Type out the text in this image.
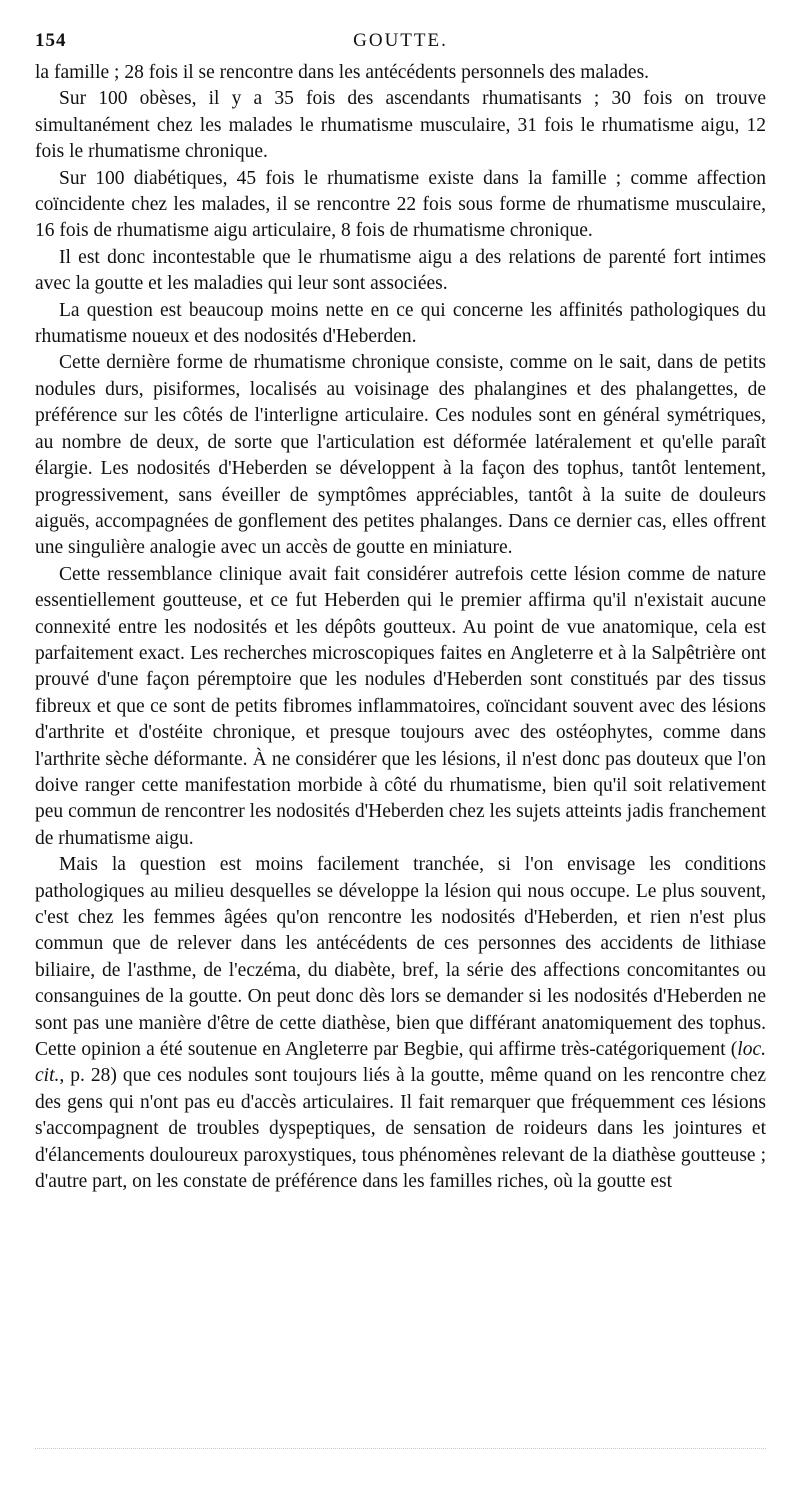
154	GOUTTE.

la famille ; 28 fois il se rencontre dans les antécédents personnels des malades.

Sur 100 obèses, il y a 35 fois des ascendants rhumatisants ; 30 fois on trouve simultanément chez les malades le rhumatisme musculaire, 31 fois le rhumatisme aigu, 12 fois le rhumatisme chronique.

Sur 100 diabétiques, 45 fois le rhumatisme existe dans la famille ; comme affection coïncidente chez les malades, il se rencontre 22 fois sous forme de rhumatisme musculaire, 16 fois de rhumatisme aigu articulaire, 8 fois de rhumatisme chronique.

Il est donc incontestable que le rhumatisme aigu a des relations de parenté fort intimes avec la goutte et les maladies qui leur sont associées.

La question est beaucoup moins nette en ce qui concerne les affinités pathologiques du rhumatisme noueux et des nodosités d'Heberden.

Cette dernière forme de rhumatisme chronique consiste, comme on le sait, dans de petits nodules durs, pisiformes, localisés au voisinage des phalangines et des phalangettes, de préférence sur les côtés de l'interligne articulaire. Ces nodules sont en général symétriques, au nombre de deux, de sorte que l'articulation est déformée latéralement et qu'elle paraît élargie. Les nodosités d'Heberden se développent à la façon des tophus, tantôt lentement, progressivement, sans éveiller de symptômes appréciables, tantôt à la suite de douleurs aiguës, accompagnées de gonflement des petites phalanges. Dans ce dernier cas, elles offrent une singulière analogie avec un accès de goutte en miniature.

Cette ressemblance clinique avait fait considérer autrefois cette lésion comme de nature essentiellement goutteuse, et ce fut Heberden qui le premier affirma qu'il n'existait aucune connexité entre les nodosités et les dépôts goutteux. Au point de vue anatomique, cela est parfaitement exact. Les recherches microscopiques faites en Angleterre et à la Salpêtrière ont prouvé d'une façon péremptoire que les nodules d'Heberden sont constitués par des tissus fibreux et que ce sont de petits fibromes inflammatoires, coïncidant souvent avec des lésions d'arthrite et d'ostéite chronique, et presque toujours avec des ostéophytes, comme dans l'arthrite sèche déformante. À ne considérer que les lésions, il n'est donc pas douteux que l'on doive ranger cette manifestation morbide à côté du rhumatisme, bien qu'il soit relativement peu commun de rencontrer les nodosités d'Heberden chez les sujets atteints jadis franchement de rhumatisme aigu.

Mais la question est moins facilement tranchée, si l'on envisage les conditions pathologiques au milieu desquelles se développe la lésion qui nous occupe. Le plus souvent, c'est chez les femmes âgées qu'on rencontre les nodosités d'Heberden, et rien n'est plus commun que de relever dans les antécédents de ces personnes des accidents de lithiase biliaire, de l'asthme, de l'eczéma, du diabète, bref, la série des affections concomitantes ou consanguines de la goutte. On peut donc dès lors se demander si les nodosités d'Heberden ne sont pas une manière d'être de cette diathèse, bien que différant anatomiquement des tophus. Cette opinion a été soutenue en Angleterre par Begbie, qui affirme très-catégoriquement (loc. cit., p. 28) que ces nodules sont toujours liés à la goutte, même quand on les rencontre chez des gens qui n'ont pas eu d'accès articulaires. Il fait remarquer que fréquemment ces lésions s'accompagnent de troubles dyspeptiques, de sensation de roideurs dans les jointures et d'élancements douloureux paroxystiques, tous phénomènes relevant de la diathèse goutteuse ; d'autre part, on les constate de préférence dans les familles riches, où la goutte est
